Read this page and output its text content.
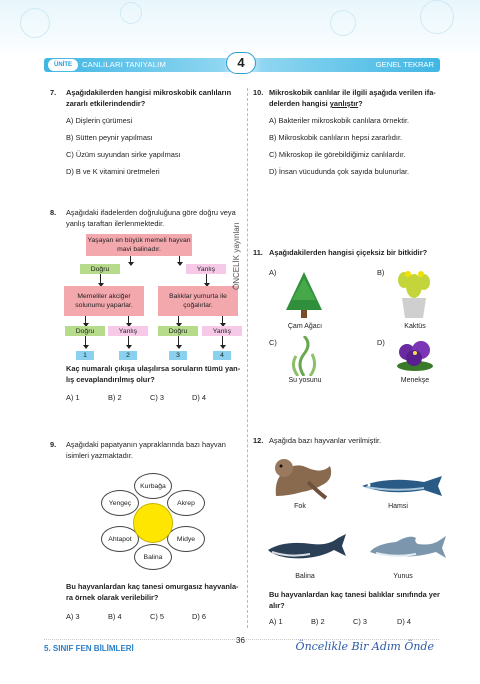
ÜNİTE	CANLILARI TANIYALIM	GENEL TEKRAR
4
7. Aşağıdakilerden hangisi mikroskobik canlıların
zararlı etkilerindendir?
A) Dişlerin çürümesi
B) Sütten peynir yapılması
C) Üzüm suyundan sirke yapılması
D) B ve K vitamini üretmeleri
8. Aşağıdaki ifadelerden doğruluğuna göre doğru veya
yanlış taraftan ilerlenmektedir.
Yaşayan en büyük memeli hayvan mavi balinadır.
Doğru	Yanlış
Memeliler akciğer solunumu yaparlar.
Balıklar yumurta ile çoğalırlar.
Doğru	Yanlış	Doğru	Yanlış
1	2	3	4
Kaç numaralı çıkışa ulaşılırsa soruların tümü yan-
lış cevaplandırılmış olur?
A) 1	B) 2	C) 3	D) 4
ÖNCELİK yayınları
9. Aşağıdaki papatyanın yapraklarında bazı hayvan
isimleri yazmaktadır.
Kurbağa
Akrep
Midye
Balina
Ahtapot
Yengeç
Bu hayvanlardan kaç tanesi omurgasız hayvanla-
ra örnek olarak verilebilir?
A) 3	B) 4	C) 5	D) 6
10. Mikroskobik canlılar ile ilgili aşağıda verilen ifa-
delerden hangisi yanlıştır?
A) Bakteriler mikroskobik canlılara örnektir.
B) Mikroskobik canlıların hepsi zararlıdır.
C) Mikroskop ile görebildiğimiz canlılardır.
D) İnsan vücudunda çok sayıda bulunurlar.
11. Aşağıdakilerden hangisi çiçeksiz bir bitkidir?
A)	B)
C)	D)
Çam Ağacı	Kaktüs
Su yosunu	Menekşe
12. Aşağıda bazı hayvanlar verilmiştir.
Fok	Hamsi
Balina	Yunus
Bu hayvanlardan kaç tanesi balıklar sınıfında yer
alır?
A) 1	B) 2	C) 3	D) 4
36
5. SINIF FEN BİLİMLERİ	Öncelikle Bir Adım Önde
